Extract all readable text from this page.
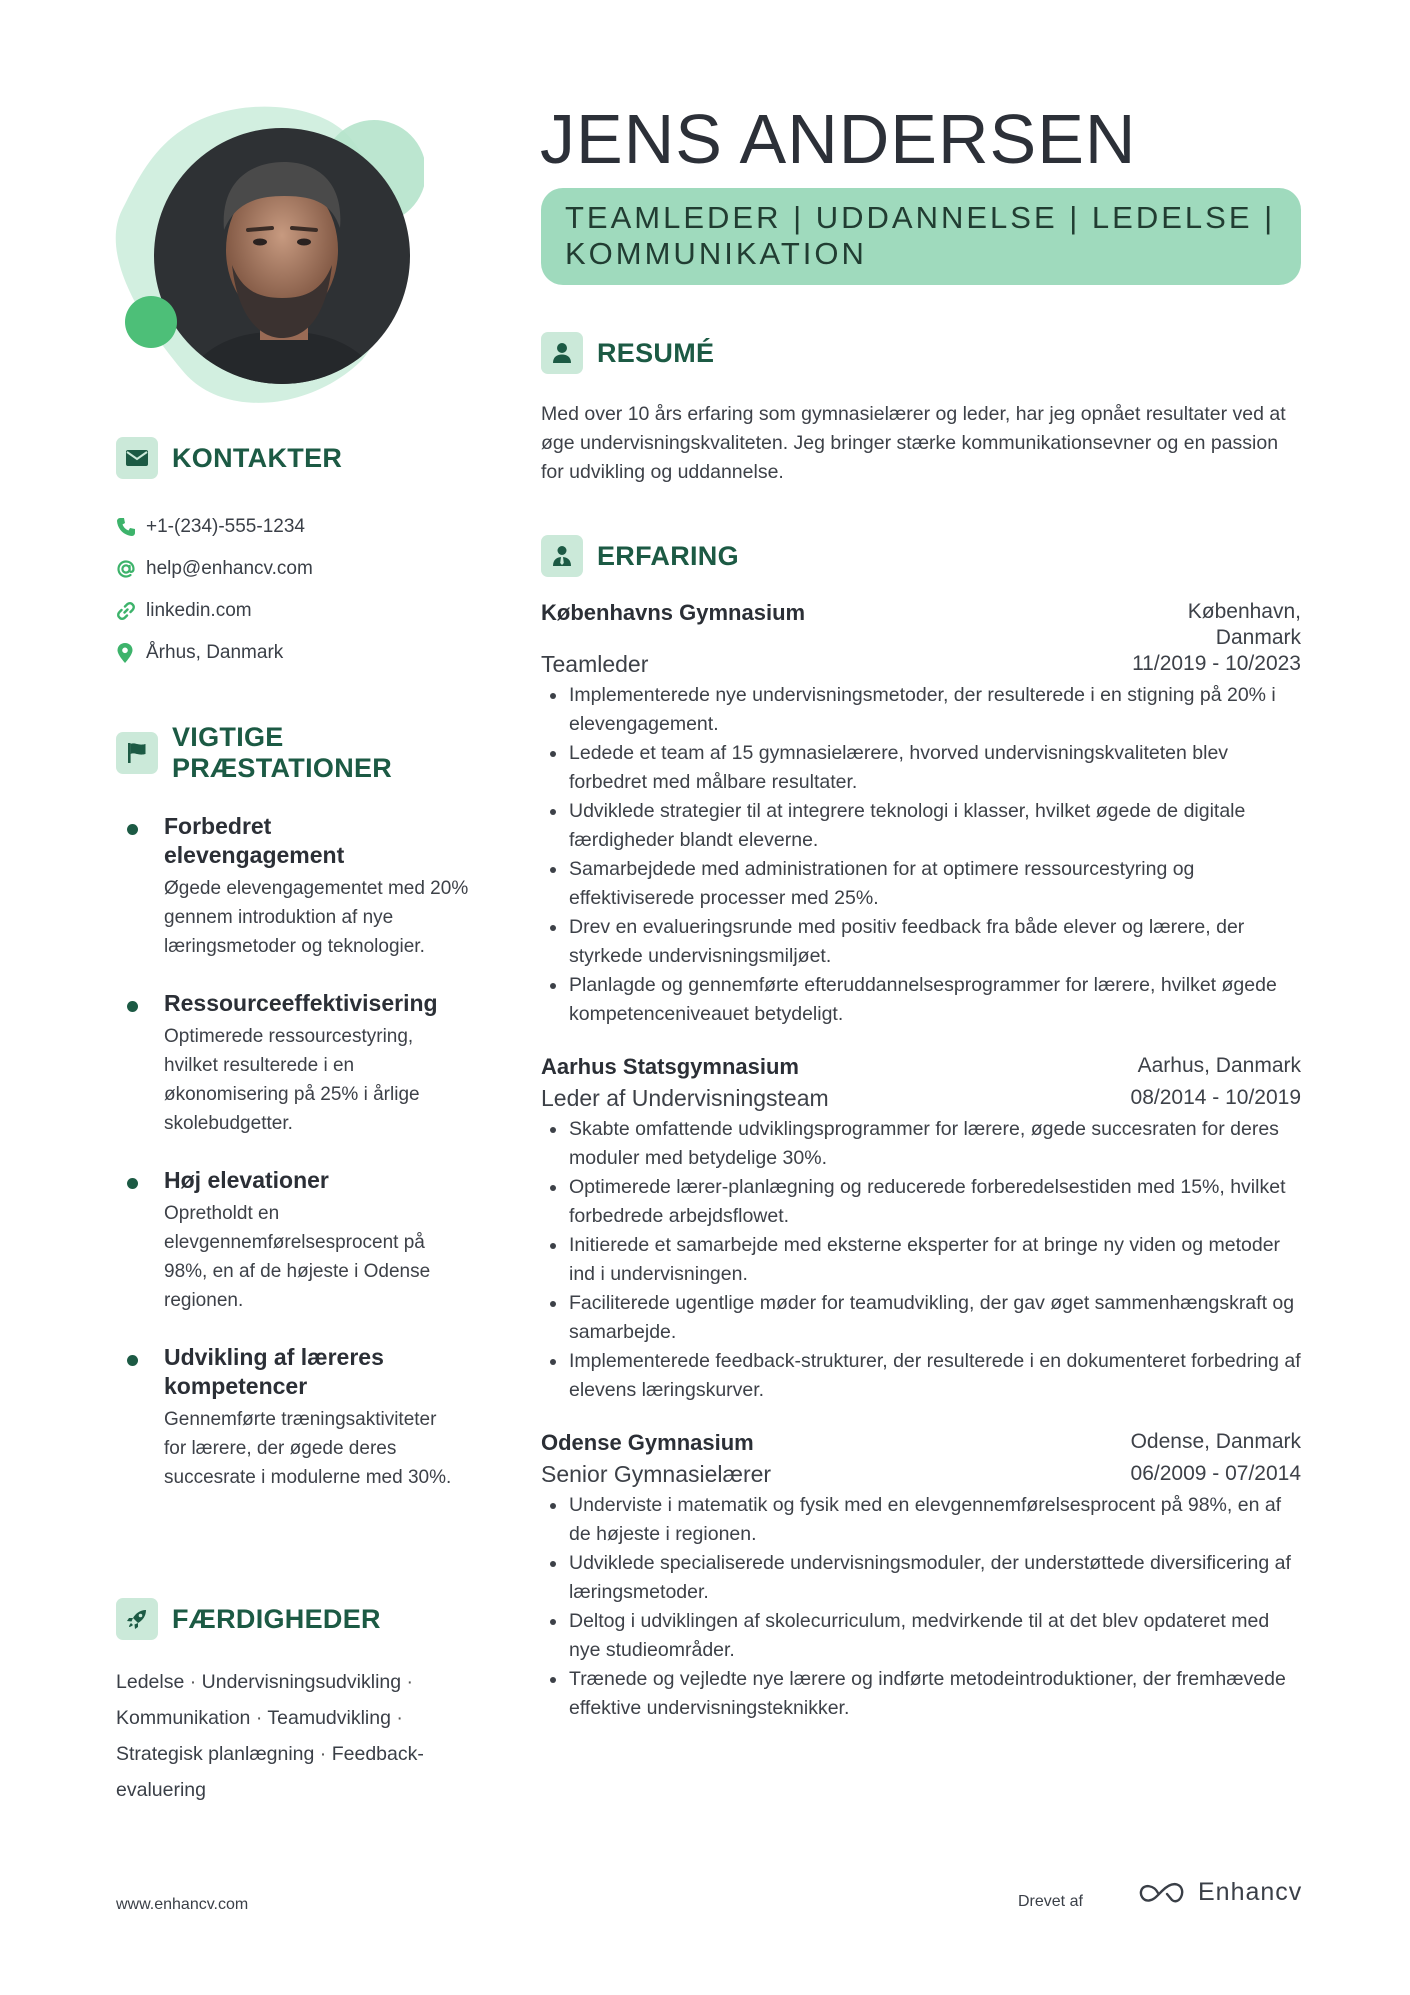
JENS ANDERSEN
TEAMLEDER | UDDANNELSE | LEDELSE | KOMMUNIKATION
KONTAKTER
+1-(234)-555-1234
help@enhancv.com
linkedin.com
Århus, Danmark
VIGTIGE PRÆSTATIONER
Forbedret elevengagement
Øgede elevengagementet med 20% gennem introduktion af nye læringsmetoder og teknologier.
Ressourceeffektivisering
Optimerede ressourcestyring, hvilket resulterede i en økonomisering på 25% i årlige skolebudgetter.
Høj elevationer
Opretholdt en elevgennemførelsesprocent på 98%, en af de højeste i Odense regionen.
Udvikling af læreres kompetencer
Gennemførte træningsaktiviteter for lærere, der øgede deres succesrate i modulerne med 30%.
FÆRDIGHEDER
Ledelse · Undervisningsudvikling · Kommunikation · Teamudvikling · Strategisk planlægning · Feedback-evaluering
RESUMÉ
Med over 10 års erfaring som gymnasielærer og leder, har jeg opnået resultater ved at øge undervisningskvaliteten. Jeg bringer stærke kommunikationsevner og en passion for udvikling og uddannelse.
ERFARING
Københavns Gymnasium	København, Danmark
Teamleder	11/2019 - 10/2023
Implementerede nye undervisningsmetoder, der resulterede i en stigning på 20% i elevengagement.
Ledede et team af 15 gymnasielærere, hvorved undervisningskvaliteten blev forbedret med målbare resultater.
Udviklede strategier til at integrere teknologi i klasser, hvilket øgede de digitale færdigheder blandt eleverne.
Samarbejdede med administrationen for at optimere ressourcestyring og effektiviserede processer med 25%.
Drev en evalueringsrunde med positiv feedback fra både elever og lærere, der styrkede undervisningsmiljøet.
Planlagde og gennemførte efteruddannelsesprogrammer for lærere, hvilket øgede kompetenceniveauet betydeligt.
Aarhus Statsgymnasium	Aarhus, Danmark
Leder af Undervisningsteam	08/2014 - 10/2019
Skabte omfattende udviklingsprogrammer for lærere, øgede succesraten for deres moduler med betydelige 30%.
Optimerede lærer-planlægning og reducerede forberedelsestiden med 15%, hvilket forbedrede arbejdsflowet.
Initierede et samarbejde med eksterne eksperter for at bringe ny viden og metoder ind i undervisningen.
Faciliterede ugentlige møder for teamudvikling, der gav øget sammenhængskraft og samarbejde.
Implementerede feedback-strukturer, der resulterede i en dokumenteret forbedring af elevens læringskurver.
Odense Gymnasium	Odense, Danmark
Senior Gymnasielærer	06/2009 - 07/2014
Underviste i matematik og fysik med en elevgennemførelsesprocent på 98%, en af de højeste i regionen.
Udviklede specialiserede undervisningsmoduler, der understøttede diversificering af læringsmetoder.
Deltog i udviklingen af skolecurriculum, medvirkende til at det blev opdateret med nye studieområder.
Trænede og vejledte nye lærere og indførte metodeintroduktioner, der fremhævede effektive undervisningsteknikker.
www.enhancv.com	Drevet af	Enhancv
